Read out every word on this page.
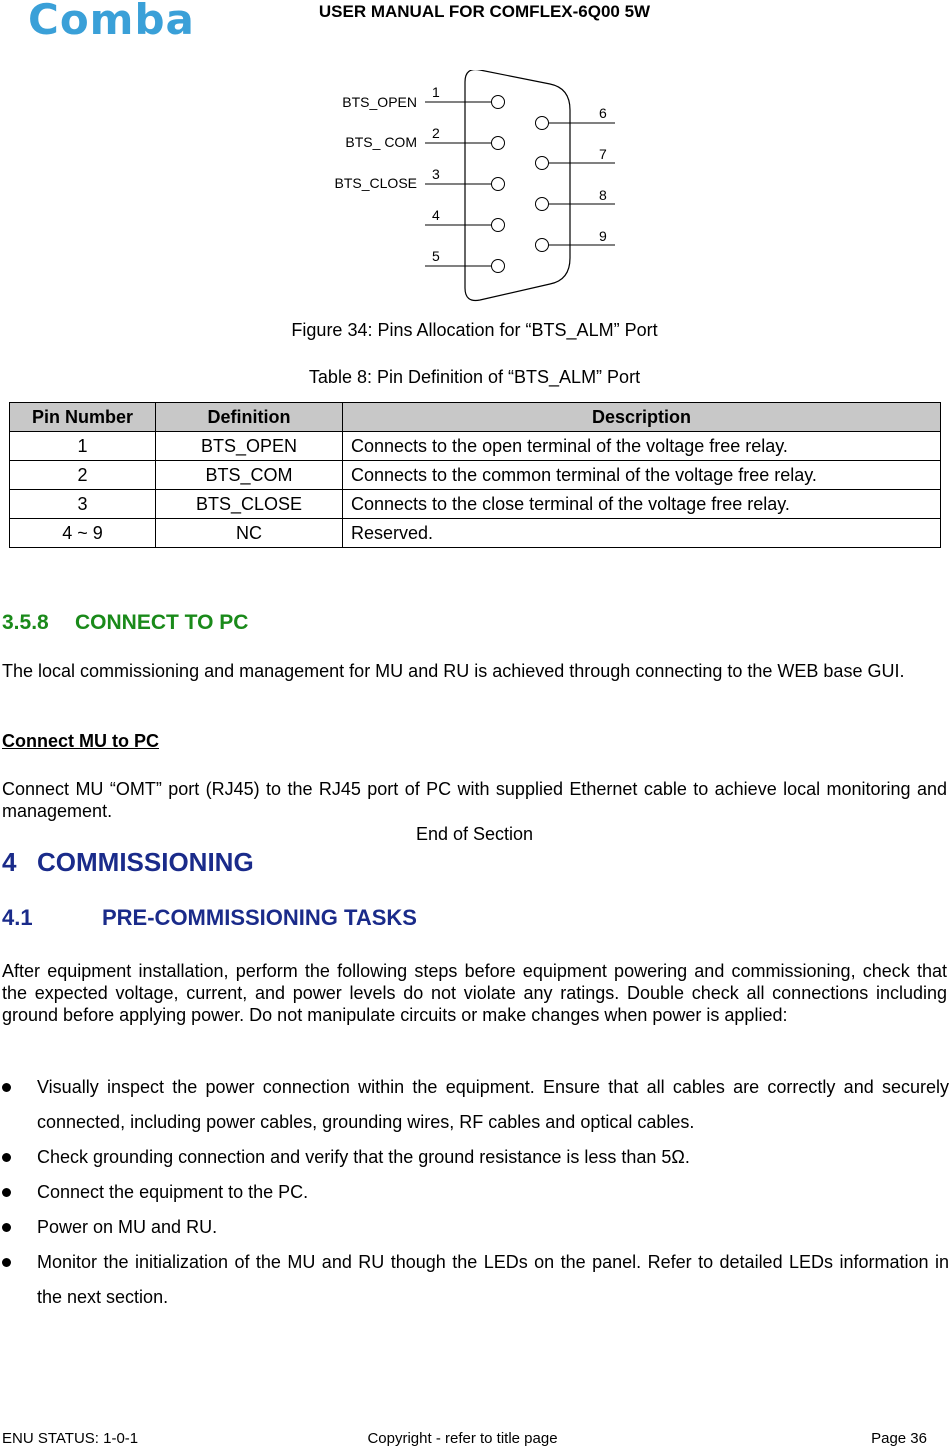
Comba	USER MANUAL FOR COMFLEX-6Q00 5W
1
2
3
4
5
6
7
8
9
BTS_OPEN
BTS_ COM
BTS_CLOSE
Figure 34: Pins Allocation for “BTS_ALM” Port
Table 8: Pin Definition of “BTS_ALM” Port
Pin Number	Definition	Description
1	BTS_OPEN	Connects to the open terminal of the voltage free relay.
2	BTS_COM	Connects to the common terminal of the voltage free relay.
3	BTS_CLOSE	Connects to the close terminal of the voltage free relay.
4 ~ 9	NC	Reserved.
3.5.8 CONNECT TO PC
The local commissioning and management for MU and RU is achieved through connecting to the WEB base GUI.
Connect MU to PC
Connect MU “OMT” port (RJ45) to the RJ45 port of PC with supplied Ethernet cable to achieve local monitoring and management.
End of Section
4 COMMISSIONING
4.1	PRE-COMMISSIONING TASKS
After equipment installation, perform the following steps before equipment powering and commissioning, check that the expected voltage, current, and power levels do not violate any ratings. Double check all connections including ground before applying power. Do not manipulate circuits or make changes when power is applied:
Visually inspect the power connection within the equipment. Ensure that all cables are correctly and securely connected, including power cables, grounding wires, RF cables and optical cables.
Check grounding connection and verify that the ground resistance is less than 5Ω.
Connect the equipment to the PC.
Power on MU and RU.
Monitor the initialization of the MU and RU though the LEDs on the panel. Refer to detailed LEDs information in the next section.
ENU STATUS: 1-0-1	Copyright - refer to title page	Page 36
